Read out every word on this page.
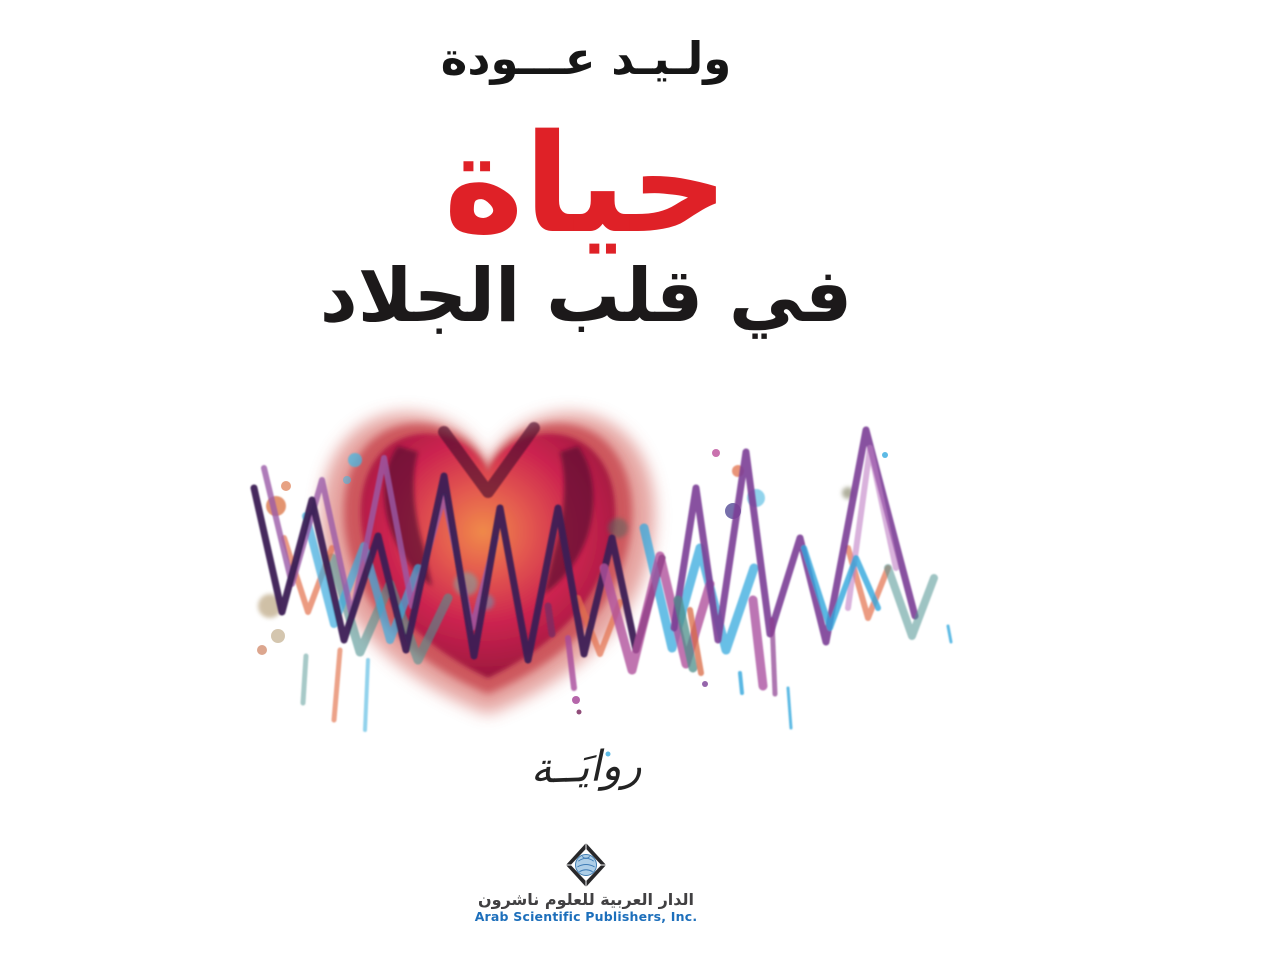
ولـيـد عـــودة
حياة
في قلب الجلاد
روايَــة
الدار العربية للعلوم ناشرون
Arab Scientific Publishers, Inc.
